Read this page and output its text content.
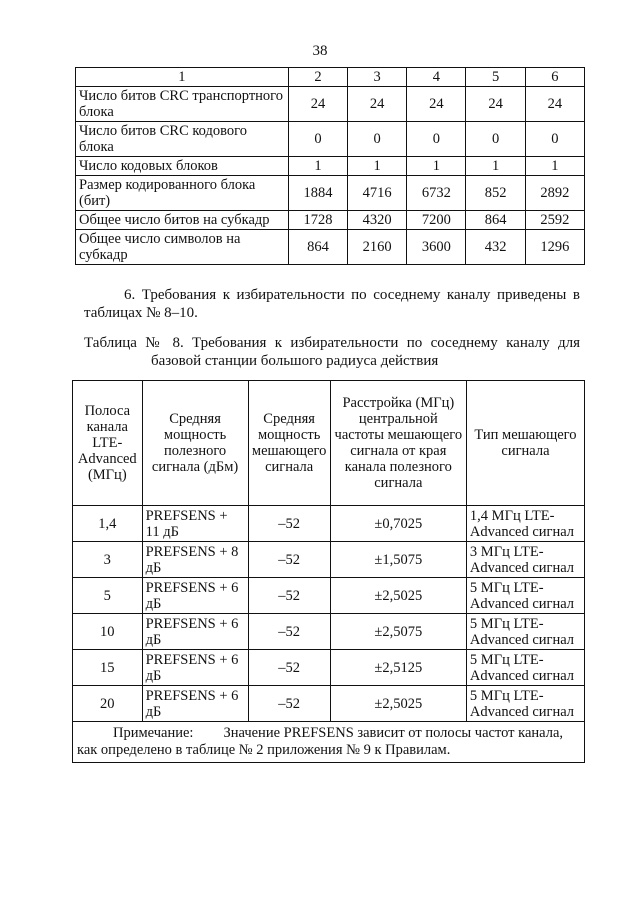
38
1	2	3	4	5	6
Число битов CRC транспортного блока	24	24	24	24	24
Число битов CRC кодового блока	0	0	0	0	0
Число кодовых блоков	1	1	1	1	1
Размер кодированного блока (бит)	1884	4716	6732	852	2892
Общее число битов на субкадр	1728	4320	7200	864	2592
Общее число символов на субкадр	864	2160	3600	432	1296
6. Требования к избирательности по соседнему каналу приведены в таблицах № 8–10.
Таблица № 8. Требования к избирательности по соседнему каналу для
базовой станции большого радиуса действия
Полоса канала LTE-Advanced (МГц)	Средняя мощность полезного сигнала (дБм)	Средняя мощность мешающего сигнала	Расстройка (МГц) центральной частоты мешающего сигнала от края канала полезного сигнала	Тип мешающего сигнала
1,4	PREFSENS + 11 дБ	–52	±0,7025	1,4 МГц LTE-Advanced сигнал
3	PREFSENS + 8 дБ	–52	±1,5075	3 МГц LTE-Advanced сигнал
5	PREFSENS + 6 дБ	–52	±2,5025	5 МГц LTE-Advanced сигнал
10	PREFSENS + 6 дБ	–52	±2,5075	5 МГц LTE-Advanced сигнал
15	PREFSENS + 6 дБ	–52	±2,5125	5 МГц LTE-Advanced сигнал
20	PREFSENS + 6 дБ	–52	±2,5025	5 МГц LTE-Advanced сигнал
Примечание: Значение PREFSENS зависит от полосы частот канала, как определено в таблице № 2 приложения № 9 к Правилам.				
